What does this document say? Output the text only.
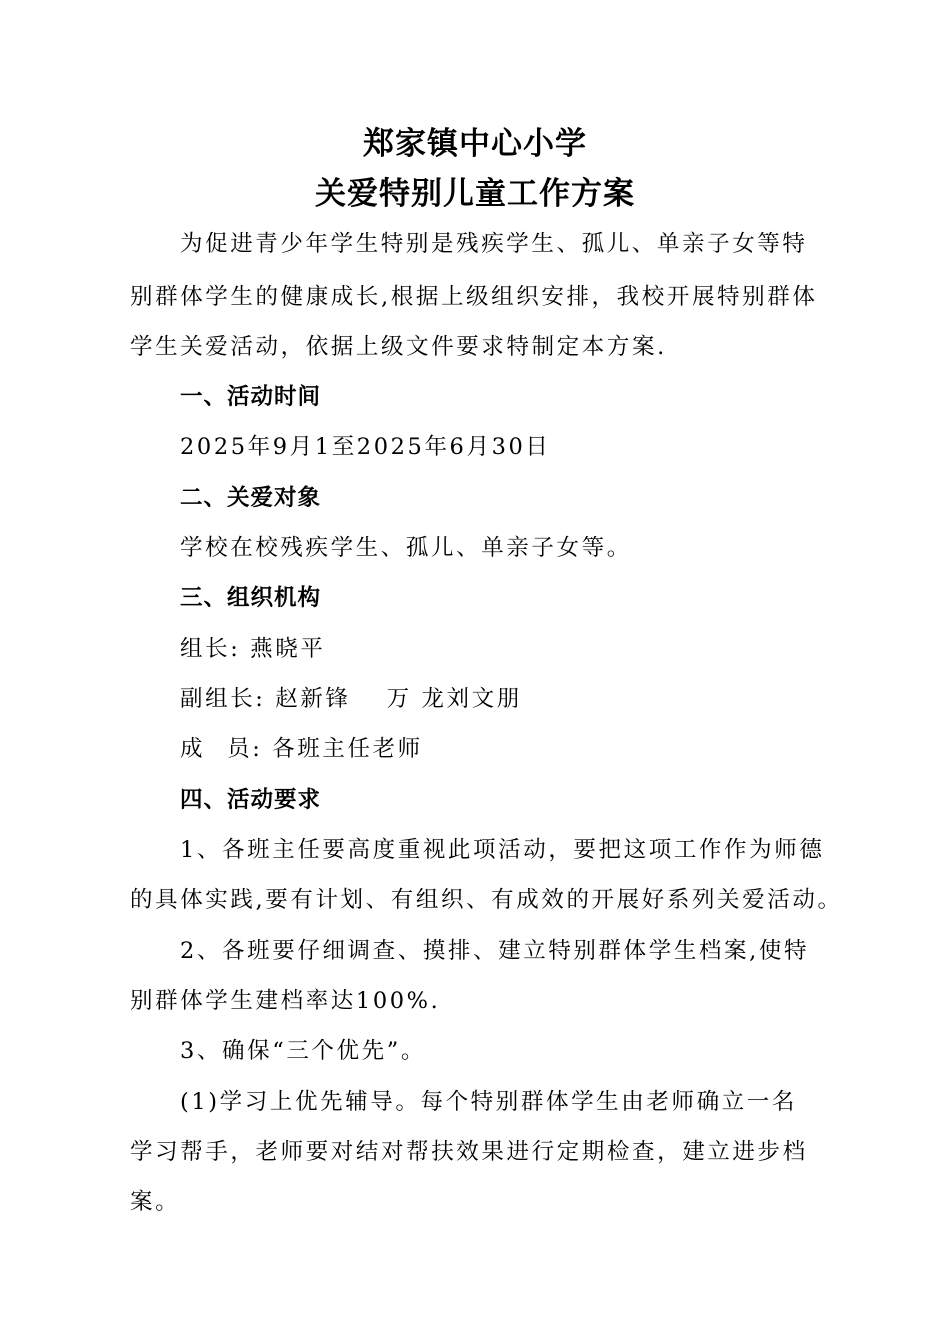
郑家镇中心小学
关爱特别儿童工作方案
为促进青少年学生特别是残疾学生、孤儿、单亲子女等特
别群体学生的健康成长,根据上级组织安排，我校开展特别群体
学生关爱活动，依据上级文件要求特制定本方案.
一、活动时间
2025年9月1至2025年6月30日
二、关爱对象
学校在校残疾学生、孤儿、单亲子女等。
三、组织机构
组长: 燕晓平
副组长: 赵新锋 万 龙刘文朋
成 员: 各班主任老师
四、活动要求
1、各班主任要高度重视此项活动，要把这项工作作为师德
的具体实践,要有计划、有组织、有成效的开展好系列关爱活动。
2、各班要仔细调查、摸排、建立特别群体学生档案,使特
别群体学生建档率达100%.
3、确保“三个优先”。
(1)学习上优先辅导。每个特别群体学生由老师确立一名
学习帮手，老师要对结对帮扶效果进行定期检查，建立进步档
案。
